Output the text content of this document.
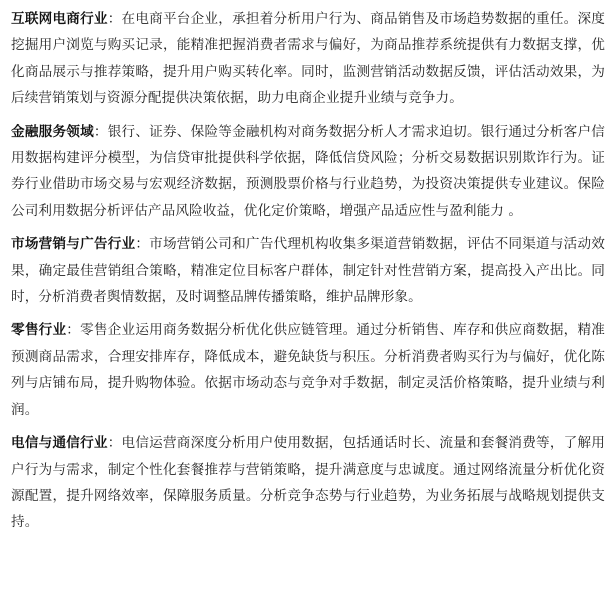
互联网电商行业：在电商平台企业，承担着分析用户行为、商品销售及市场趋势数据的重任。深度挖掘用户浏览与购买记录，能精准把握消费者需求与偏好，为商品推荐系统提供有力数据支撑，优化商品展示与推荐策略，提升用户购买转化率。同时，监测营销活动数据反馈，评估活动效果，为后续营销策划与资源分配提供决策依据，助力电商企业提升业绩与竞争力。

金融服务领域：银行、证券、保险等金融机构对商务数据分析人才需求迫切。银行通过分析客户信用数据构建评分模型，为信贷审批提供科学依据，降低信贷风险；分析交易数据识别欺诈行为。证券行业借助市场交易与宏观经济数据，预测股票价格与行业趋势，为投资决策提供专业建议。保险公司利用数据分析评估产品风险收益，优化定价策略，增强产品适应性与盈利能力 。

市场营销与广告行业：市场营销公司和广告代理机构收集多渠道营销数据，评估不同渠道与活动效果，确定最佳营销组合策略，精准定位目标客户群体，制定针对性营销方案，提高投入产出比。同时，分析消费者舆情数据，及时调整品牌传播策略，维护品牌形象。

零售行业：零售企业运用商务数据分析优化供应链管理。通过分析销售、库存和供应商数据，精准预测商品需求，合理安排库存，降低成本，避免缺货与积压。分析消费者购买行为与偏好，优化陈列与店铺布局，提升购物体验。依据市场动态与竞争对手数据，制定灵活价格策略，提升业绩与利润。

电信与通信行业：电信运营商深度分析用户使用数据，包括通话时长、流量和套餐消费等，了解用户行为与需求，制定个性化套餐推荐与营销策略，提升满意度与忠诚度。通过网络流量分析优化资源配置，提升网络效率，保障服务质量。分析竞争态势与行业趋势，为业务拓展与战略规划提供支持。
